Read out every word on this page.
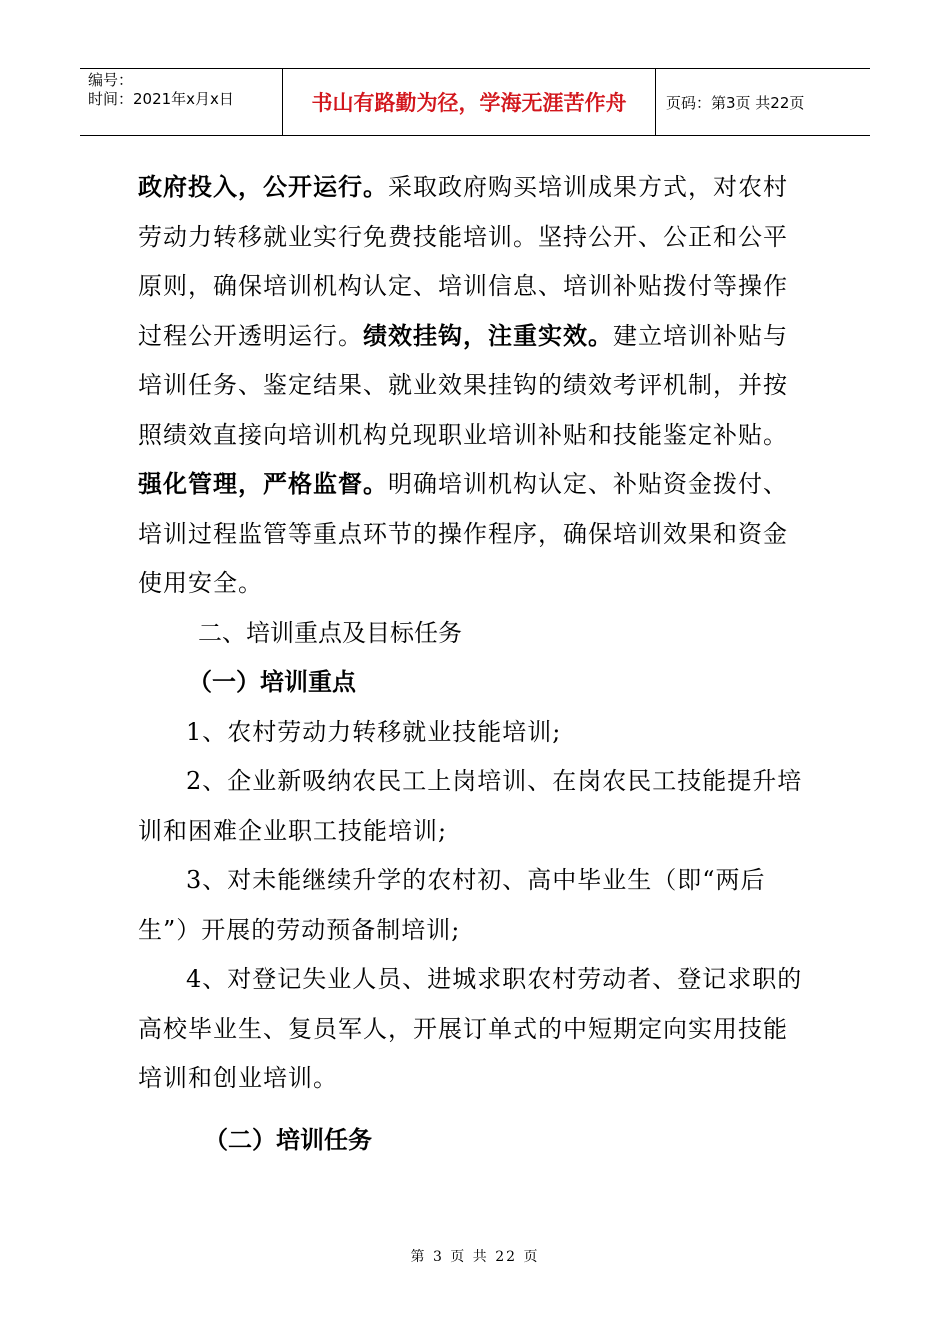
编号：
时间：2021年x月x日	书山有路勤为径，学海无涯苦作舟	页码：第3页 共22页

政府投入，公开运行。采取政府购买培训成果方式，对农村劳动力转移就业实行免费技能培训。坚持公开、公正和公平原则，确保培训机构认定、培训信息、培训补贴拨付等操作过程公开透明运行。绩效挂钩，注重实效。建立培训补贴与培训任务、鉴定结果、就业效果挂钩的绩效考评机制，并按照绩效直接向培训机构兑现职业培训补贴和技能鉴定补贴。

强化管理，严格监督。明确培训机构认定、补贴资金拨付、培训过程监管等重点环节的操作程序，确保培训效果和资金使用安全。

二、培训重点及目标任务
（一）培训重点

1、农村劳动力转移就业技能培训;

2、企业新吸纳农民工上岗培训、在岗农民工技能提升培训和困难企业职工技能培训;

3、对未能继续升学的农村初、高中毕业生（即“两后生”）开展的劳动预备制培训;

4、对登记失业人员、进城求职农村劳动者、登记求职的高校毕业生、复员军人，开展订单式的中短期定向实用技能培训和创业培训。

（二）培训任务
第 3 页 共 22 页
